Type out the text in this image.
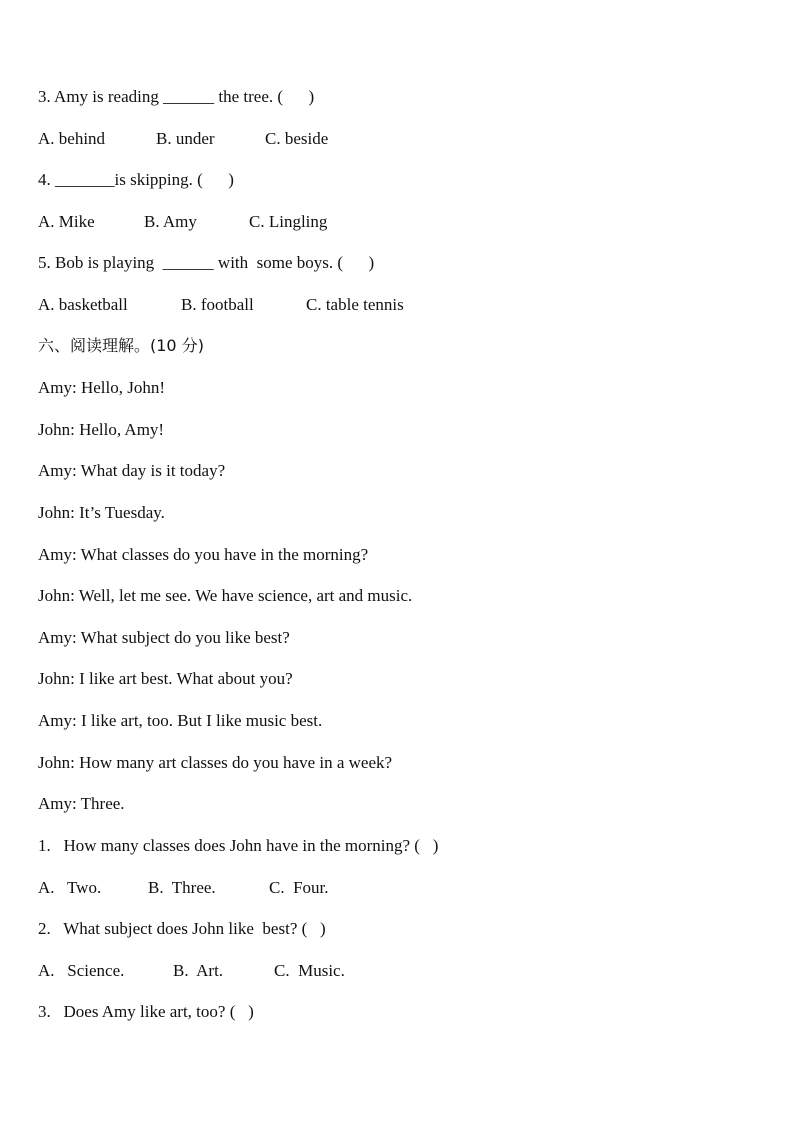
3. Amy is reading ______ the tree. (      )
A. behind	B. under	C. beside
4. _______is skipping. (      )
A. Mike	B. Amy	C. Lingling
5. Bob is playing  ______ with  some boys. (      )
A. basketball	B. football	C. table tennis
六、阅读理解。(10 分)
Amy: Hello, John!
John: Hello, Amy!
Amy: What day is it today?
John: It’s Tuesday.
Amy: What classes do you have in the morning?
John: Well, let me see. We have science, art and music.
Amy: What subject do you like best?
John: I like art best. What about you?
Amy: I like art, too. But I like music best.
John: How many art classes do you have in a week?
Amy: Three.
1.   How many classes does John have in the morning? (   )
A.   Two.	B.  Three.	C.  Four.
2.   What subject does John like  best? (   )
A.   Science.	B.  Art.	C.  Music.
3.   Does Amy like art, too? (   )
